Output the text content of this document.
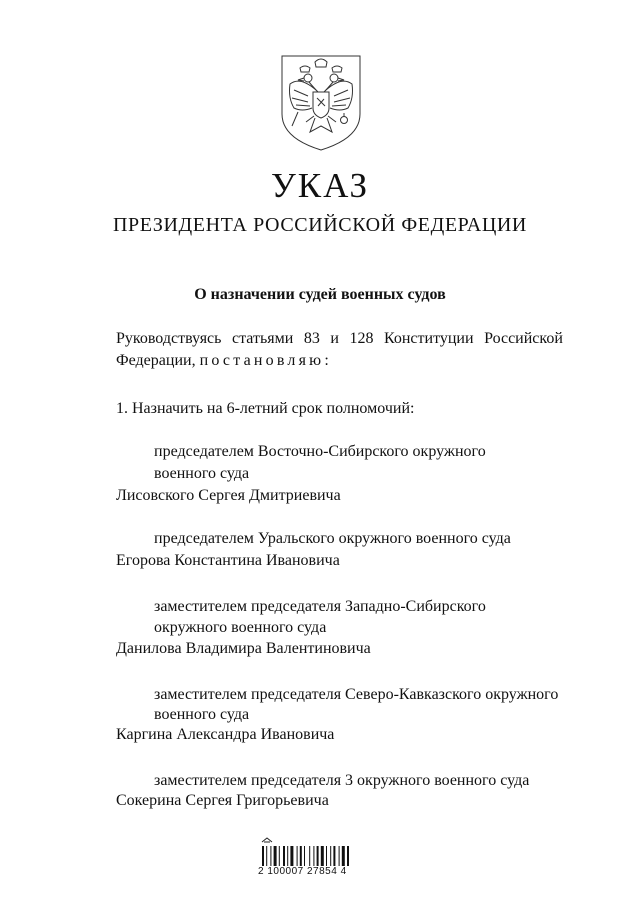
УКАЗ
ПРЕЗИДЕНТА РОССИЙСКОЙ ФЕДЕРАЦИИ
О назначении судей военных судов
Руководствуясь статьями 83 и 128 Конституции Российской
Федерации, постановляю:
1. Назначить на 6-летний срок полномочий:
председателем Восточно-Сибирского окружного
военного суда
Лисовского Сергея Дмитриевича
председателем Уральского окружного военного суда
Егорова Константина Ивановича
заместителем председателя Западно-Сибирского
окружного военного суда
Данилова Владимира Валентиновича
заместителем председателя Северо-Кавказского окружного
военного суда
Каргина Александра Ивановича
заместителем председателя 3 окружного военного суда
Сокерина Сергея Григорьевича
2 100007 27854 4
